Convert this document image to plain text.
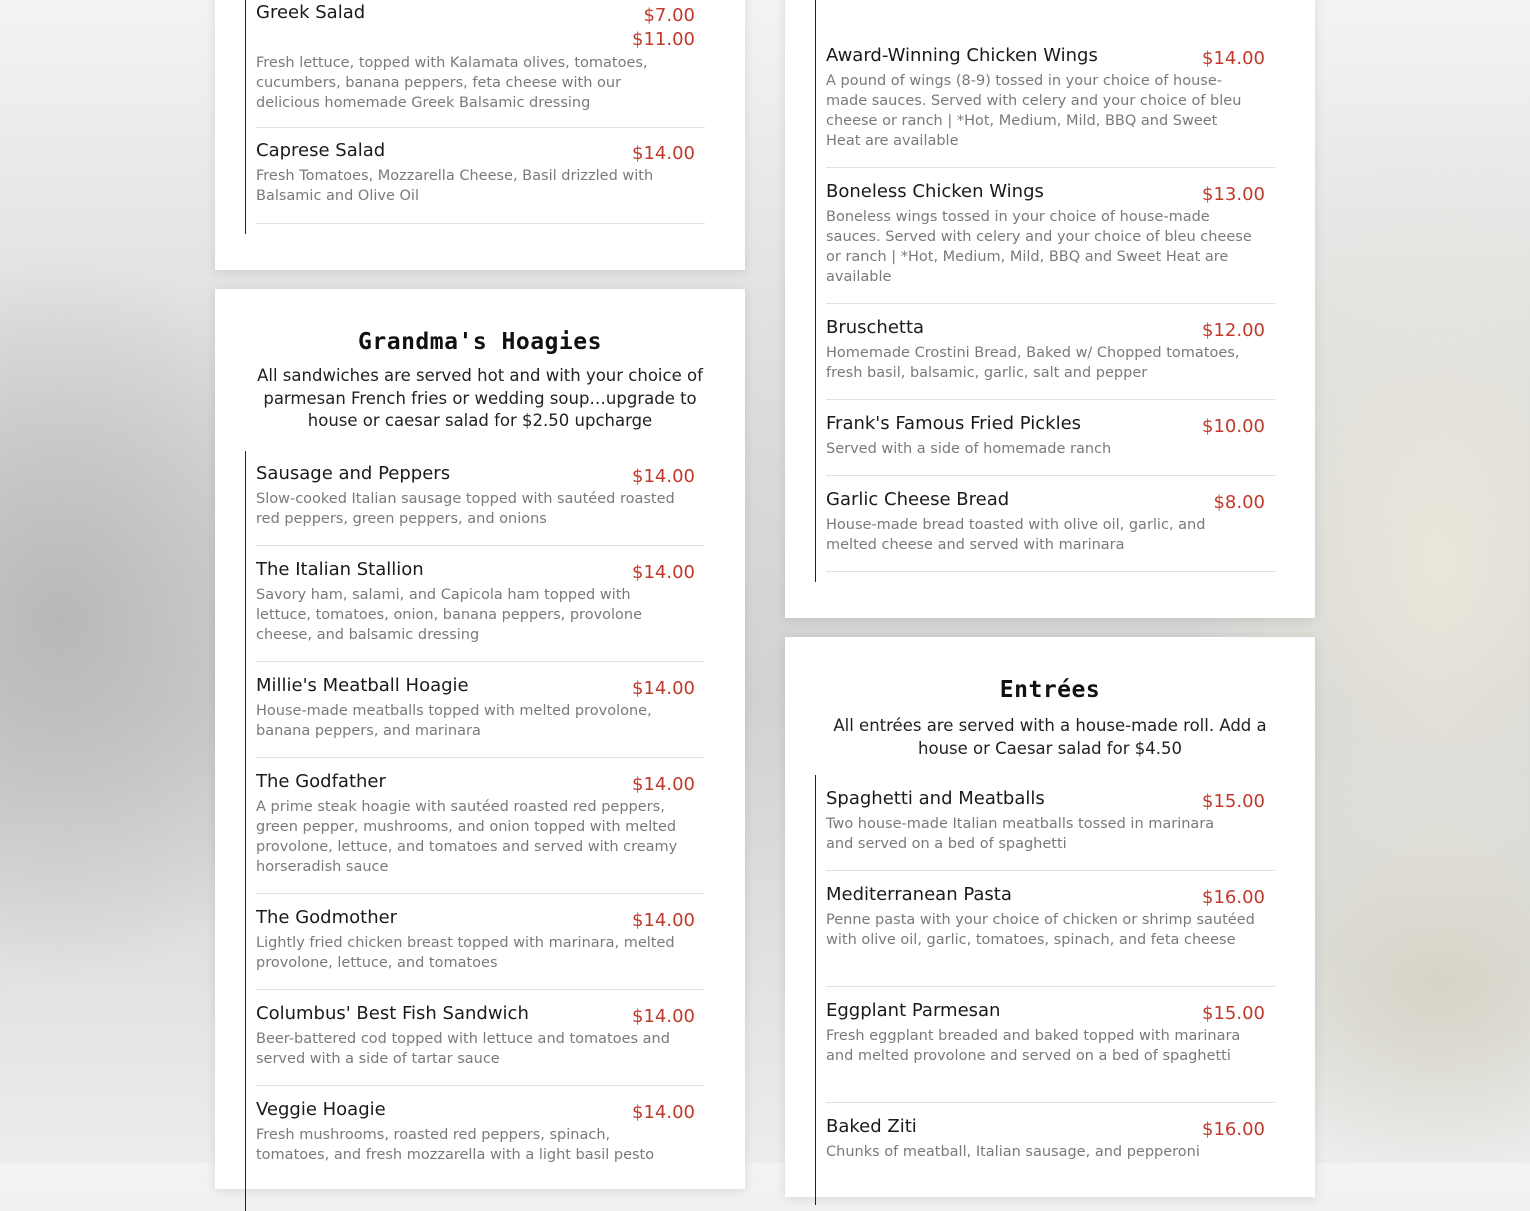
Greek Salad	$7.00
$11.00
Fresh lettuce, topped with Kalamata olives, tomatoes, cucumbers, banana peppers, feta cheese with our delicious homemade Greek Balsamic dressing
Caprese Salad	$14.00
Fresh Tomatoes, Mozzarella Cheese, Basil drizzled with Balsamic and Olive Oil
Grandma's Hoagies
All sandwiches are served hot and with your choice of parmesan French fries or wedding soup…upgrade to house or caesar salad for $2.50 upcharge
Sausage and Peppers	$14.00
Slow-cooked Italian sausage topped with sautéed roasted red peppers, green peppers, and onions
The Italian Stallion	$14.00
Savory ham, salami, and Capicola ham topped with lettuce, tomatoes, onion, banana peppers, provolone cheese, and balsamic dressing
Millie's Meatball Hoagie	$14.00
House-made meatballs topped with melted provolone, banana peppers, and marinara
The Godfather	$14.00
A prime steak hoagie with sautéed roasted red peppers, green pepper, mushrooms, and onion topped with melted provolone, lettuce, and tomatoes and served with creamy horseradish sauce
The Godmother	$14.00
Lightly fried chicken breast topped with marinara, melted provolone, lettuce, and tomatoes
Columbus' Best Fish Sandwich	$14.00
Beer-battered cod topped with lettuce and tomatoes and served with a side of tartar sauce
Veggie Hoagie	$14.00
Fresh mushrooms, roasted red peppers, spinach, tomatoes, and fresh mozzarella with a light basil pesto
Award-Winning Chicken Wings	$14.00
A pound of wings (8-9) tossed in your choice of house-made sauces. Served with celery and your choice of bleu cheese or ranch | *Hot, Medium, Mild, BBQ and Sweet Heat are available
Boneless Chicken Wings	$13.00
Boneless wings tossed in your choice of house-made sauces. Served with celery and your choice of bleu cheese or ranch | *Hot, Medium, Mild, BBQ and Sweet Heat are available
Bruschetta	$12.00
Homemade Crostini Bread, Baked w/ Chopped tomatoes, fresh basil, balsamic, garlic, salt and pepper
Frank's Famous Fried Pickles	$10.00
Served with a side of homemade ranch
Garlic Cheese Bread	$8.00
House-made bread toasted with olive oil, garlic, and melted cheese and served with marinara
Entrées
All entrées are served with a house-made roll. Add a house or Caesar salad for $4.50
Spaghetti and Meatballs	$15.00
Two house-made Italian meatballs tossed in marinara and served on a bed of spaghetti
Mediterranean Pasta	$16.00
Penne pasta with your choice of chicken or shrimp sautéed with olive oil, garlic, tomatoes, spinach, and feta cheese
Eggplant Parmesan	$15.00
Fresh eggplant breaded and baked topped with marinara and melted provolone and served on a bed of spaghetti
Baked Ziti	$16.00
Chunks of meatball, Italian sausage, and pepperoni
